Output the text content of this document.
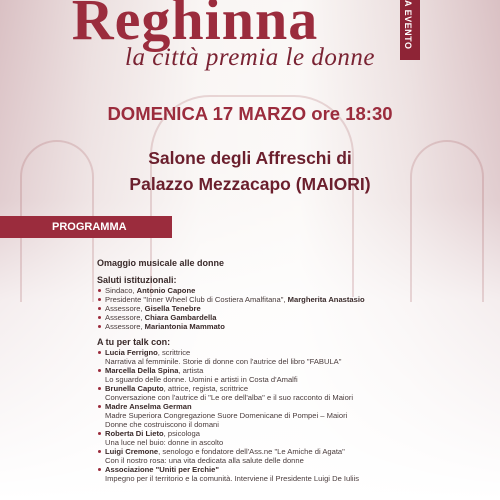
Reghinna
la città premia le donne
A EVENTO
DOMENICA 17 MARZO ore 18:30
Salone degli Affreschi di
Palazzo Mezzacapo (MAIORI)
PROGRAMMA
Omaggio musicale alle donne
Saluti istituzionali:
Sindaco, Antonio Capone
Presidente "Inner Wheel Club di Costiera Amalfitana", Margherita Anastasio
Assessore, Gisella Tenebre
Assessore, Chiara Gambardella
Assessore, Mariantonia Mammato
A tu per talk con:
Lucia Ferrigno, scrittrice
Narrativa al femminile. Storie di donne con l'autrice del libro "FABULA"
Marcella Della Spina, artista
Lo sguardo delle donne. Uomini e artisti in Costa d'Amalfi
Brunella Caputo, attrice, regista, scrittrice
Conversazione con l'autrice di "Le ore dell'alba" e il suo racconto di Maiori
Madre Anselma German
Madre Superiora Congregazione Suore Domenicane di Pompei – Maiori
Donne che costruiscono il domani
Roberta Di Lieto, psicologa
Una luce nel buio: donne in ascolto
Luigi Cremone, senologo e fondatore dell'Ass.ne "Le Amiche di Agata"
Con il nostro rosa: una vita dedicata alla salute delle donne
Associazione "Uniti per Erchie"
Impegno per il territorio e la comunità. Interviene il Presidente Luigi De Iuliis
